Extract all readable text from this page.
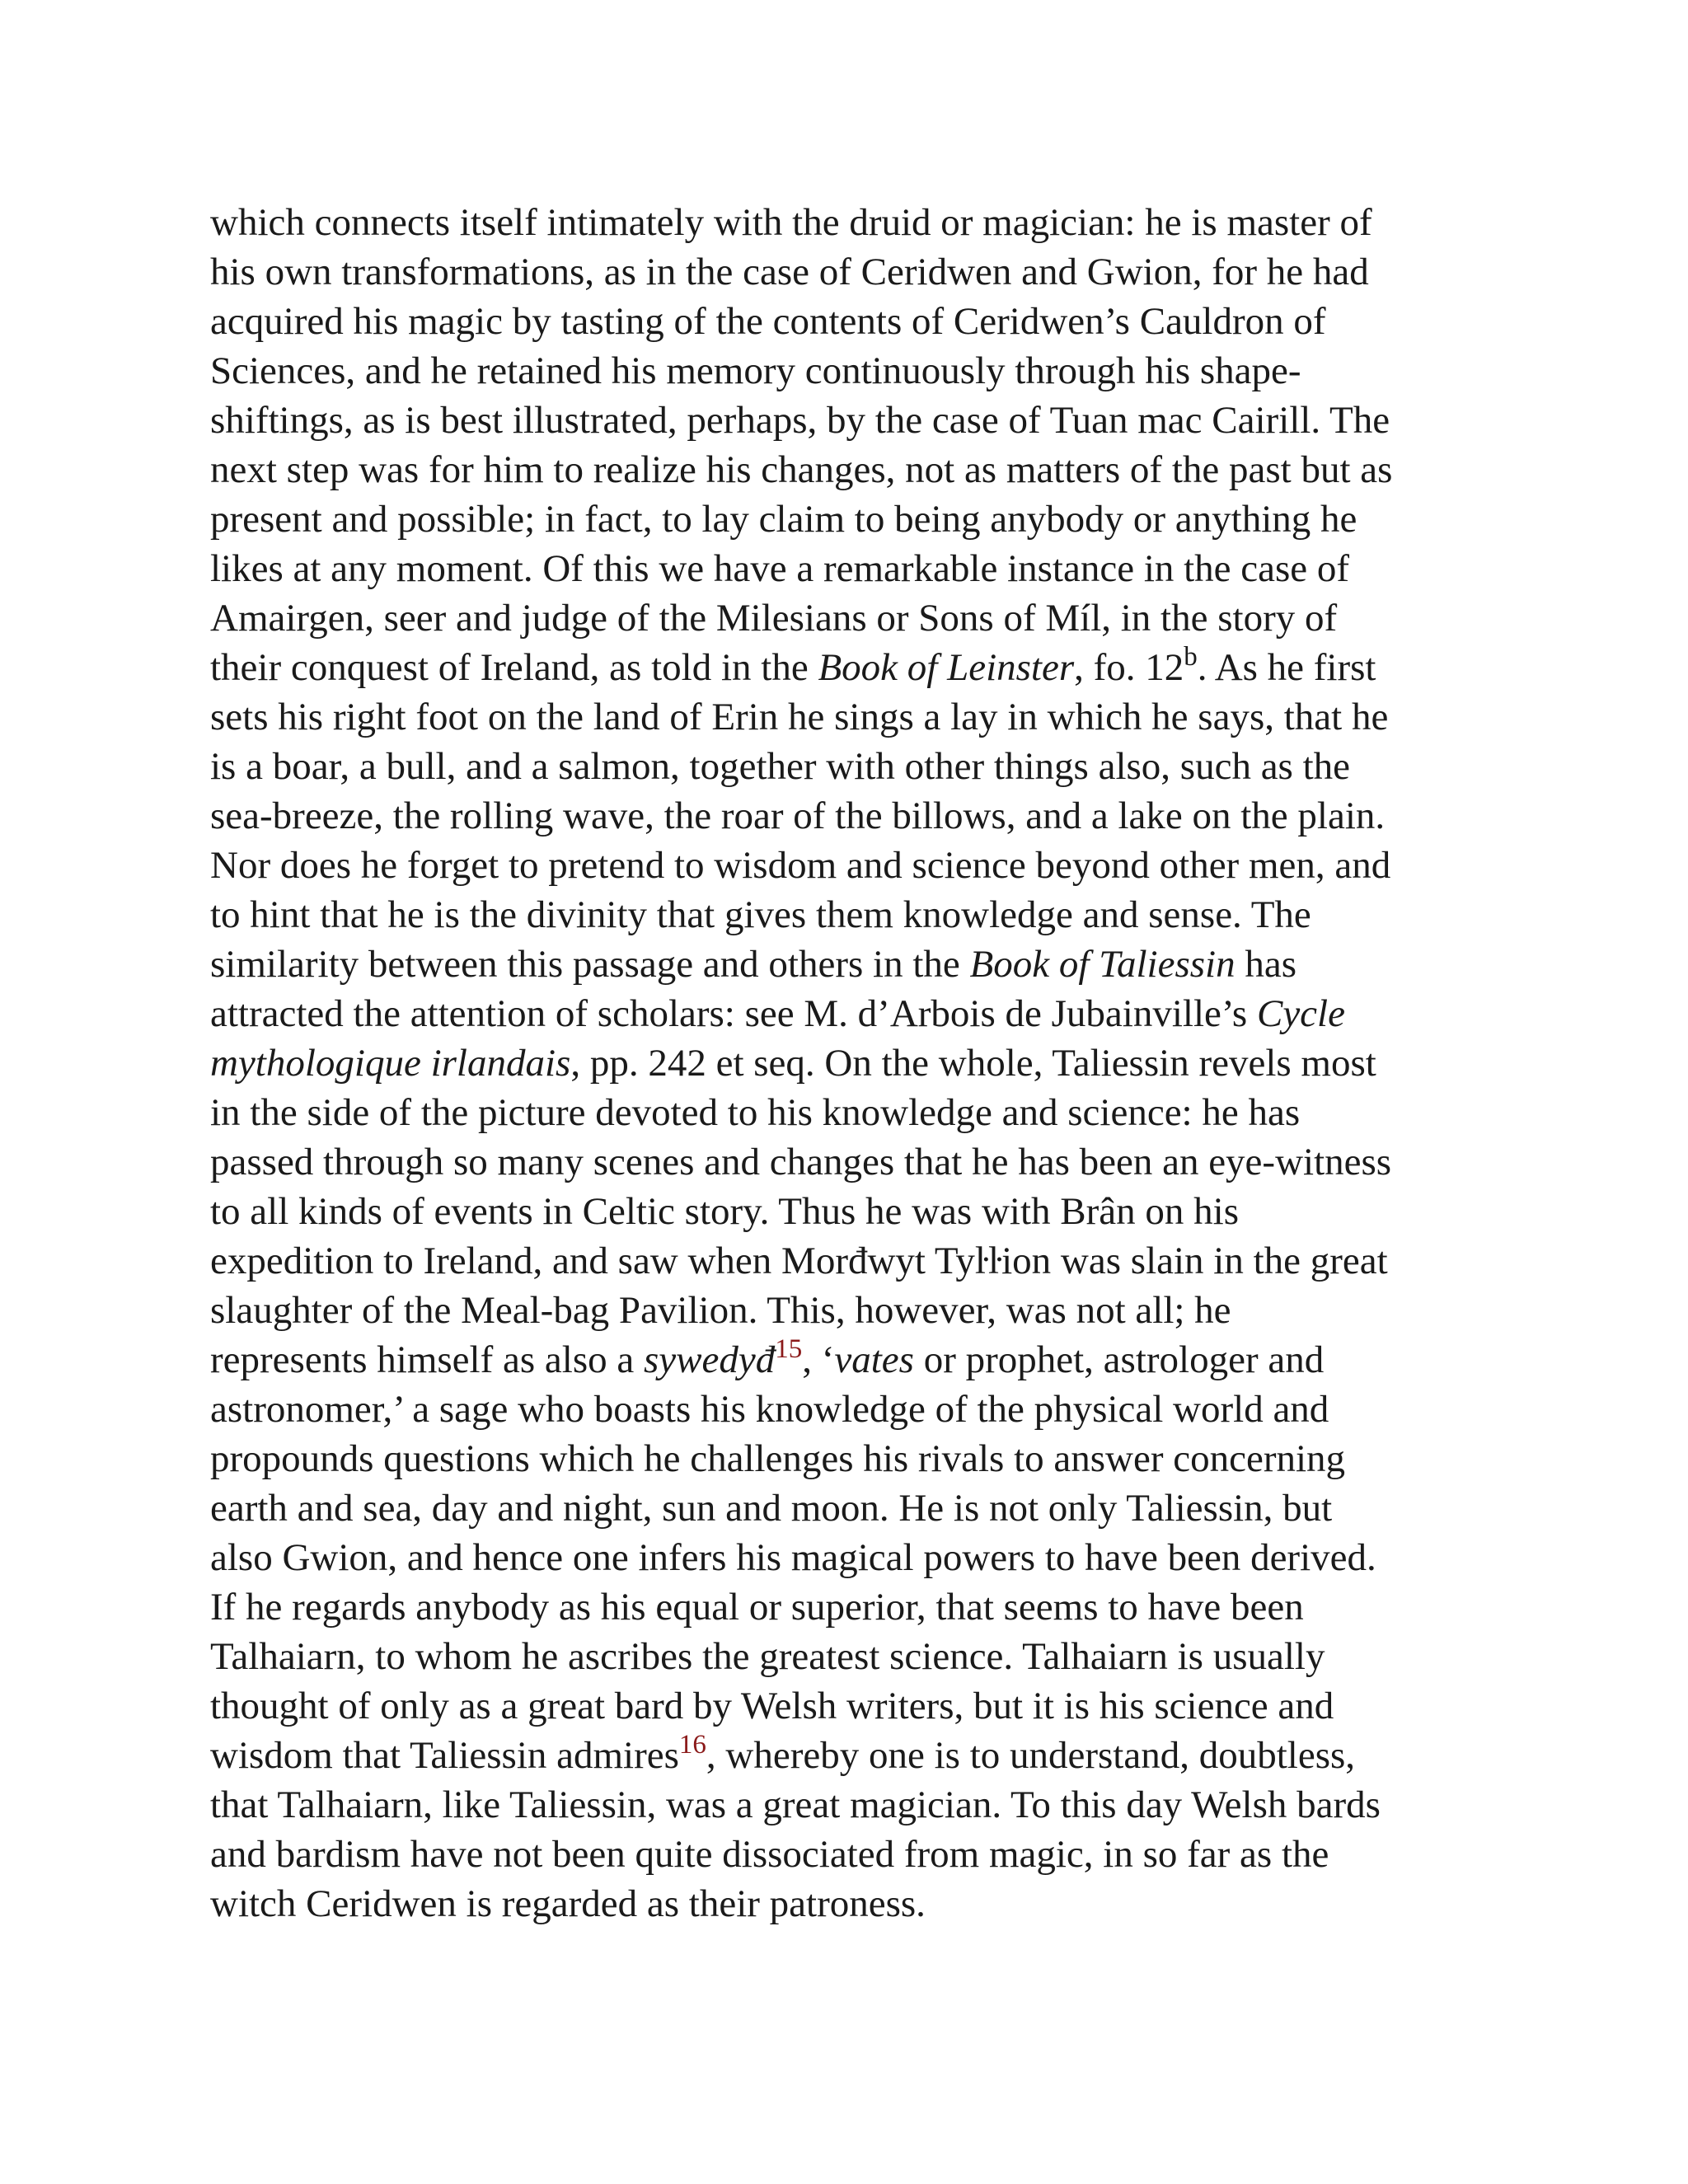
which connects itself intimately with the druid or magician: he is master of
his own transformations, as in the case of Ceridwen and Gwion, for he had
acquired his magic by tasting of the contents of Ceridwen’s Cauldron of
Sciences, and he retained his memory continuously through his shape-
shiftings, as is best illustrated, perhaps, by the case of Tuan mac Cairill. The
next step was for him to realize his changes, not as matters of the past but as
present and possible; in fact, to lay claim to being anybody or anything he
likes at any moment. Of this we have a remarkable instance in the case of
Amairgen, seer and judge of the Milesians or Sons of Míl, in the story of
their conquest of Ireland, as told in the Book of Leinster, fo. 12$^b$. As he first
sets his right foot on the land of Erin he sings a lay in which he says, that he
is a boar, a bull, and a salmon, together with other things also, such as the
sea-breeze, the rolling wave, the roar of the billows, and a lake on the plain.
Nor does he forget to pretend to wisdom and science beyond other men, and
to hint that he is the divinity that gives them knowledge and sense. The
similarity between this passage and others in the Book of Taliessin has
attracted the attention of scholars: see M. d’Arbois de Jubainville’s Cycle
mythologique irlandais, pp. 242 et seq. On the whole, Taliessin revels most
in the side of the picture devoted to his knowledge and science: he has
passed through so many scenes and changes that he has been an eye-witness
to all kinds of events in Celtic story. Thus he was with Brân on his
expedition to Ireland, and saw when Morđwyt Tyŀŀion was slain in the great
slaughter of the Meal-bag Pavilion. This, however, was not all; he
represents himself as also a sywedyđ$^{15}$, ‘vates or prophet, astrologer and
astronomer,’ a sage who boasts his knowledge of the physical world and
propounds questions which he challenges his rivals to answer concerning
earth and sea, day and night, sun and moon. He is not only Taliessin, but
also Gwion, and hence one infers his magical powers to have been derived.
If he regards anybody as his equal or superior, that seems to have been
Talhaiarn, to whom he ascribes the greatest science. Talhaiarn is usually
thought of only as a great bard by Welsh writers, but it is his science and
wisdom that Taliessin admires$^{16}$, whereby one is to understand, doubtless,
that Talhaiarn, like Taliessin, was a great magician. To this day Welsh bards
and bardism have not been quite dissociated from magic, in so far as the
witch Ceridwen is regarded as their patroness.
